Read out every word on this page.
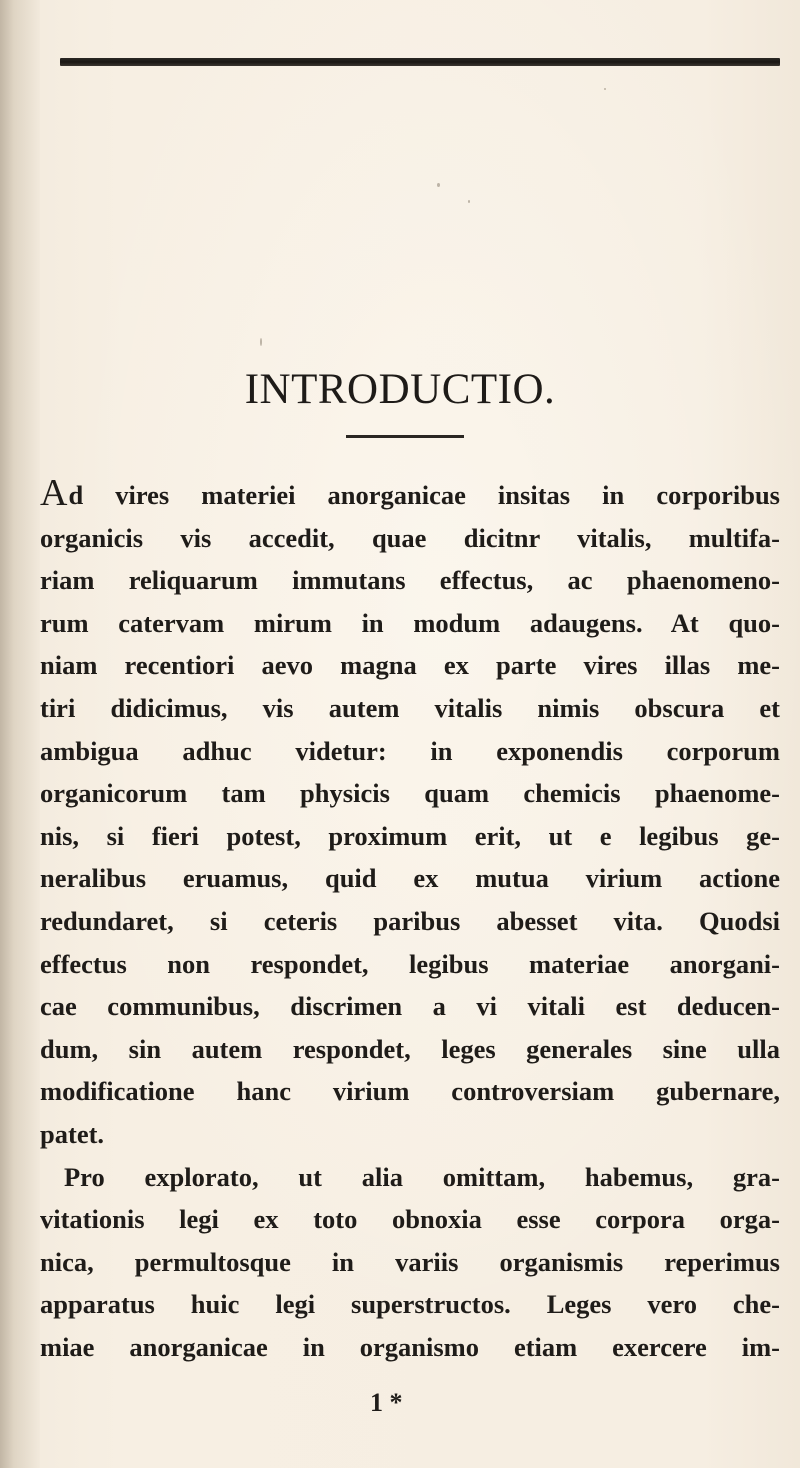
INTRODUCTIO.
Ad vires materiei anorganicae insitas in corporibus
organicis vis accedit, quae dicitnr vitalis, multifa-
riam reliquarum immutans effectus, ac phaenomeno-
rum catervam mirum in modum adaugens. At quo-
niam recentiori aevo magna ex parte vires illas me-
tiri didicimus, vis autem vitalis nimis obscura et
ambigua adhuc videtur: in exponendis corporum
organicorum tam physicis quam chemicis phaenome-
nis, si fieri potest, proximum erit, ut e legibus ge-
neralibus eruamus, quid ex mutua virium actione
redundaret, si ceteris paribus abesset vita. Quodsi
effectus non respondet, legibus materiae anorgani-
cae communibus, discrimen a vi vitali est deducen-
dum, sin autem respondet, leges generales sine ulla
modificatione hanc virium controversiam gubernare,
patet.
Pro explorato, ut alia omittam, habemus, gra-
vitationis legi ex toto obnoxia esse corpora orga-
nica, permultosque in variis organismis reperimus
apparatus huic legi superstructos. Leges vero che-
miae anorganicae in organismo etiam exercere im-
1 *
